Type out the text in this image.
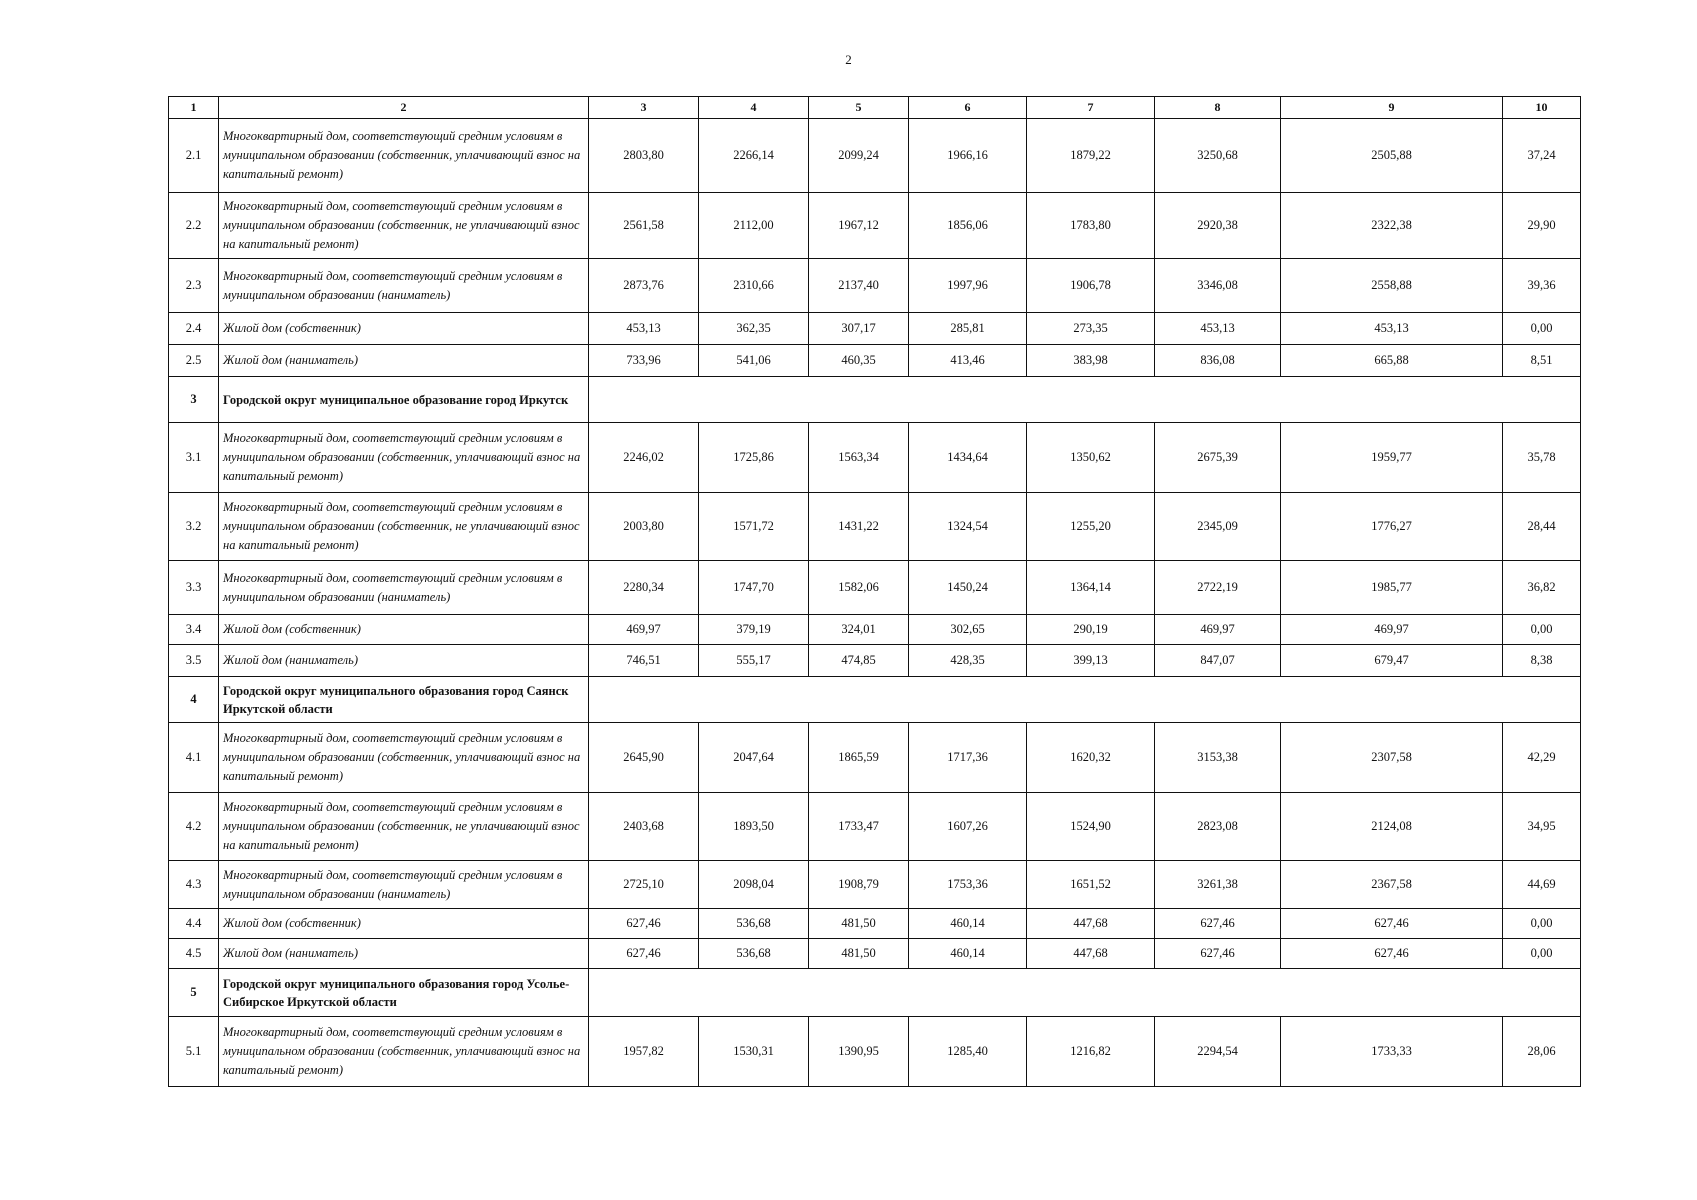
2
1	2	3	4	5	6	7	8	9	10
2.1	Многоквартирный дом, соответствующий средним условиям в муниципальном образовании (собственник, уплачивающий взнос на капитальный ремонт)	2803,80	2266,14	2099,24	1966,16	1879,22	3250,68	2505,88	37,24
2.2	Многоквартирный дом, соответствующий средним условиям в муниципальном образовании (собственник, не уплачивающий взнос на капитальный ремонт)	2561,58	2112,00	1967,12	1856,06	1783,80	2920,38	2322,38	29,90
2.3	Многоквартирный дом, соответствующий средним условиям в муниципальном образовании (наниматель)	2873,76	2310,66	2137,40	1997,96	1906,78	3346,08	2558,88	39,36
2.4	Жилой дом (собственник)	453,13	362,35	307,17	285,81	273,35	453,13	453,13	0,00
2.5	Жилой дом (наниматель)	733,96	541,06	460,35	413,46	383,98	836,08	665,88	8,51
3	Городской округ муниципальное образование город Иркутск								
3.1	Многоквартирный дом, соответствующий средним условиям в муниципальном образовании (собственник, уплачивающий взнос на капитальный ремонт)	2246,02	1725,86	1563,34	1434,64	1350,62	2675,39	1959,77	35,78
3.2	Многоквартирный дом, соответствующий средним условиям в муниципальном образовании (собственник, не уплачивающий взнос на капитальный ремонт)	2003,80	1571,72	1431,22	1324,54	1255,20	2345,09	1776,27	28,44
3.3	Многоквартирный дом, соответствующий средним условиям в муниципальном образовании (наниматель)	2280,34	1747,70	1582,06	1450,24	1364,14	2722,19	1985,77	36,82
3.4	Жилой дом (собственник)	469,97	379,19	324,01	302,65	290,19	469,97	469,97	0,00
3.5	Жилой дом (наниматель)	746,51	555,17	474,85	428,35	399,13	847,07	679,47	8,38
4	Городской округ муниципального образования город Саянск Иркутской области								
4.1	Многоквартирный дом, соответствующий средним условиям в муниципальном образовании (собственник, уплачивающий взнос на капитальный ремонт)	2645,90	2047,64	1865,59	1717,36	1620,32	3153,38	2307,58	42,29
4.2	Многоквартирный дом, соответствующий средним условиям в муниципальном образовании (собственник, не уплачивающий взнос на капитальный ремонт)	2403,68	1893,50	1733,47	1607,26	1524,90	2823,08	2124,08	34,95
4.3	Многоквартирный дом, соответствующий средним условиям в муниципальном образовании (наниматель)	2725,10	2098,04	1908,79	1753,36	1651,52	3261,38	2367,58	44,69
4.4	Жилой дом (собственник)	627,46	536,68	481,50	460,14	447,68	627,46	627,46	0,00
4.5	Жилой дом (наниматель)	627,46	536,68	481,50	460,14	447,68	627,46	627,46	0,00
5	Городской округ муниципального образования город Усолье-Сибирское Иркутской области								
5.1	Многоквартирный дом, соответствующий средним условиям в муниципальном образовании (собственник, уплачивающий взнос на капитальный ремонт)	1957,82	1530,31	1390,95	1285,40	1216,82	2294,54	1733,33	28,06
